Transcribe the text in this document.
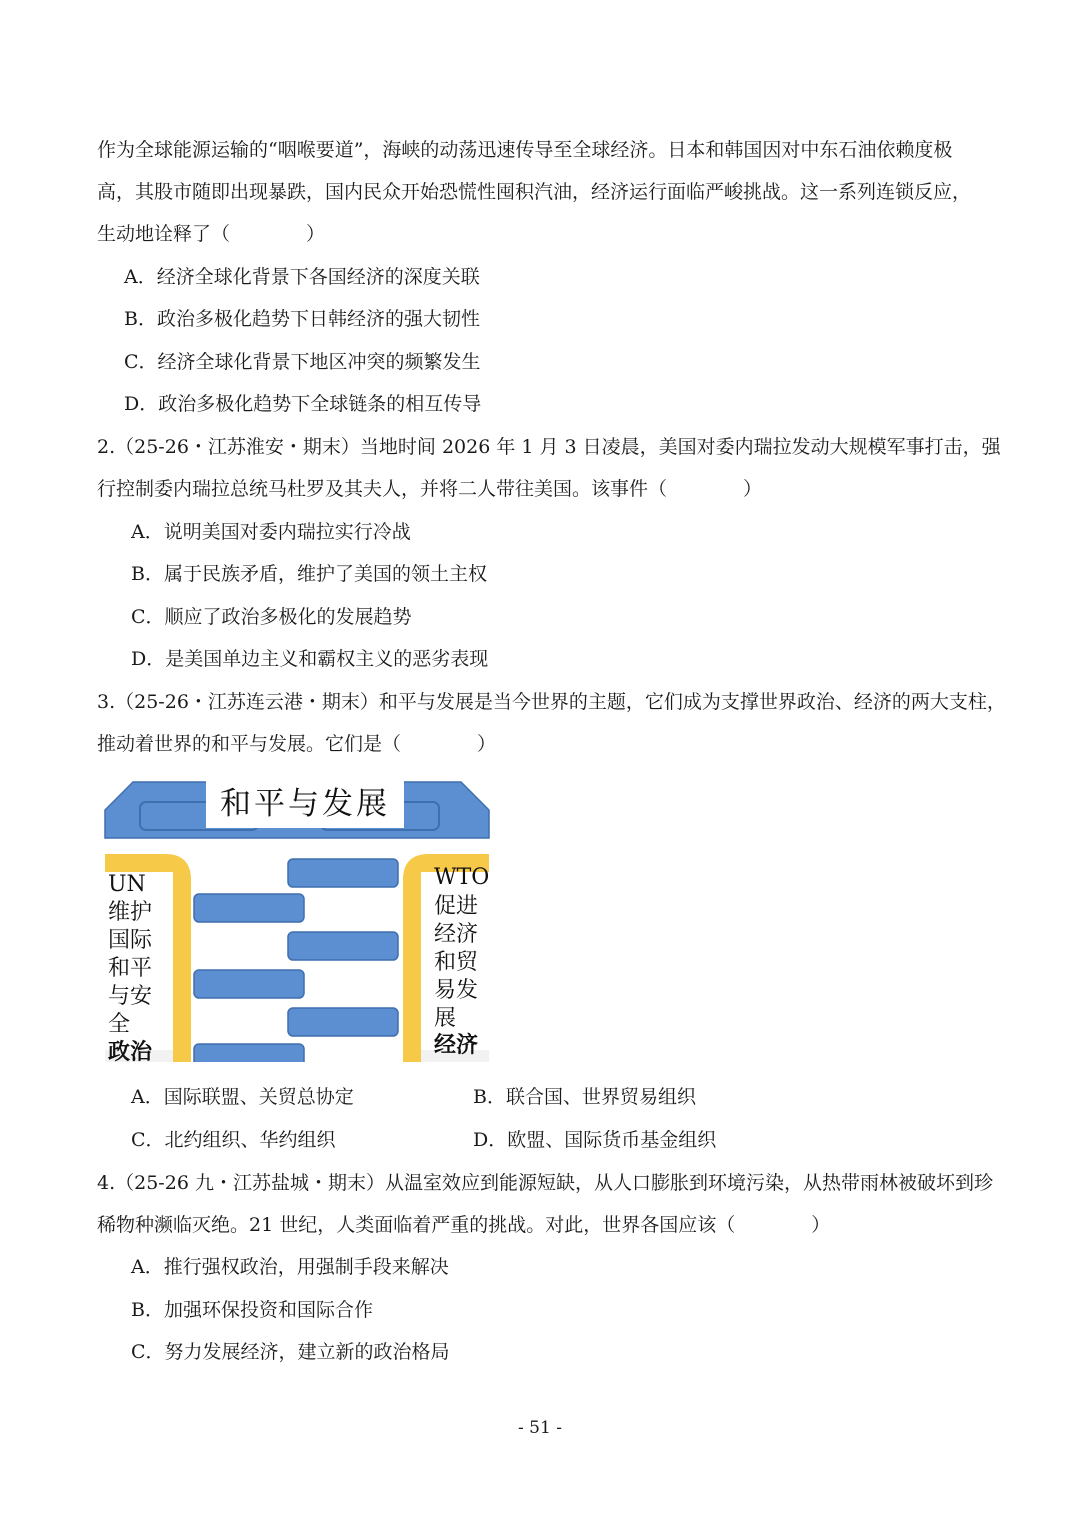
作为全球能源运输的“咽喉要道”，海峡的动荡迅速传导至全球经济。日本和韩国因对中东石油依赖度极
高，其股市随即出现暴跌，国内民众开始恐慌性囤积汽油，经济运行面临严峻挑战。这一系列连锁反应，
生动地诠释了（　　　　）
A．经济全球化背景下各国经济的深度关联
B．政治多极化趋势下日韩经济的强大韧性
C．经济全球化背景下地区冲突的频繁发生
D．政治多极化趋势下全球链条的相互传导
2.（25-26・江苏淮安・期末）当地时间 2026 年 1 月 3 日凌晨，美国对委内瑞拉发动大规模军事打击，强
行控制委内瑞拉总统马杜罗及其夫人，并将二人带往美国。该事件（　　　　）
A．说明美国对委内瑞拉实行冷战
B．属于民族矛盾，维护了美国的领土主权
C．顺应了政治多极化的发展趋势
D．是美国单边主义和霸权主义的恶劣表现
3.（25-26・江苏连云港・期末）和平与发展是当今世界的主题，它们成为支撑世界政治、经济的两大支柱，
推动着世界的和平与发展。它们是（　　　　）
和平与发展
UN
维护
国际
和平
与安
全
政治
WTO
促进
经济
和贸
易发
展
经济
A．国际联盟、关贸总协定	B．联合国、世界贸易组织
C．北约组织、华约组织	D．欧盟、国际货币基金组织
4.（25-26 九・江苏盐城・期末）从温室效应到能源短缺，从人口膨胀到环境污染，从热带雨林被破坏到珍
稀物种濒临灭绝。21 世纪，人类面临着严重的挑战。对此，世界各国应该（　　　　）
A．推行强权政治，用强制手段来解决
B．加强环保投资和国际合作
C．努力发展经济，建立新的政治格局
- 51 -
